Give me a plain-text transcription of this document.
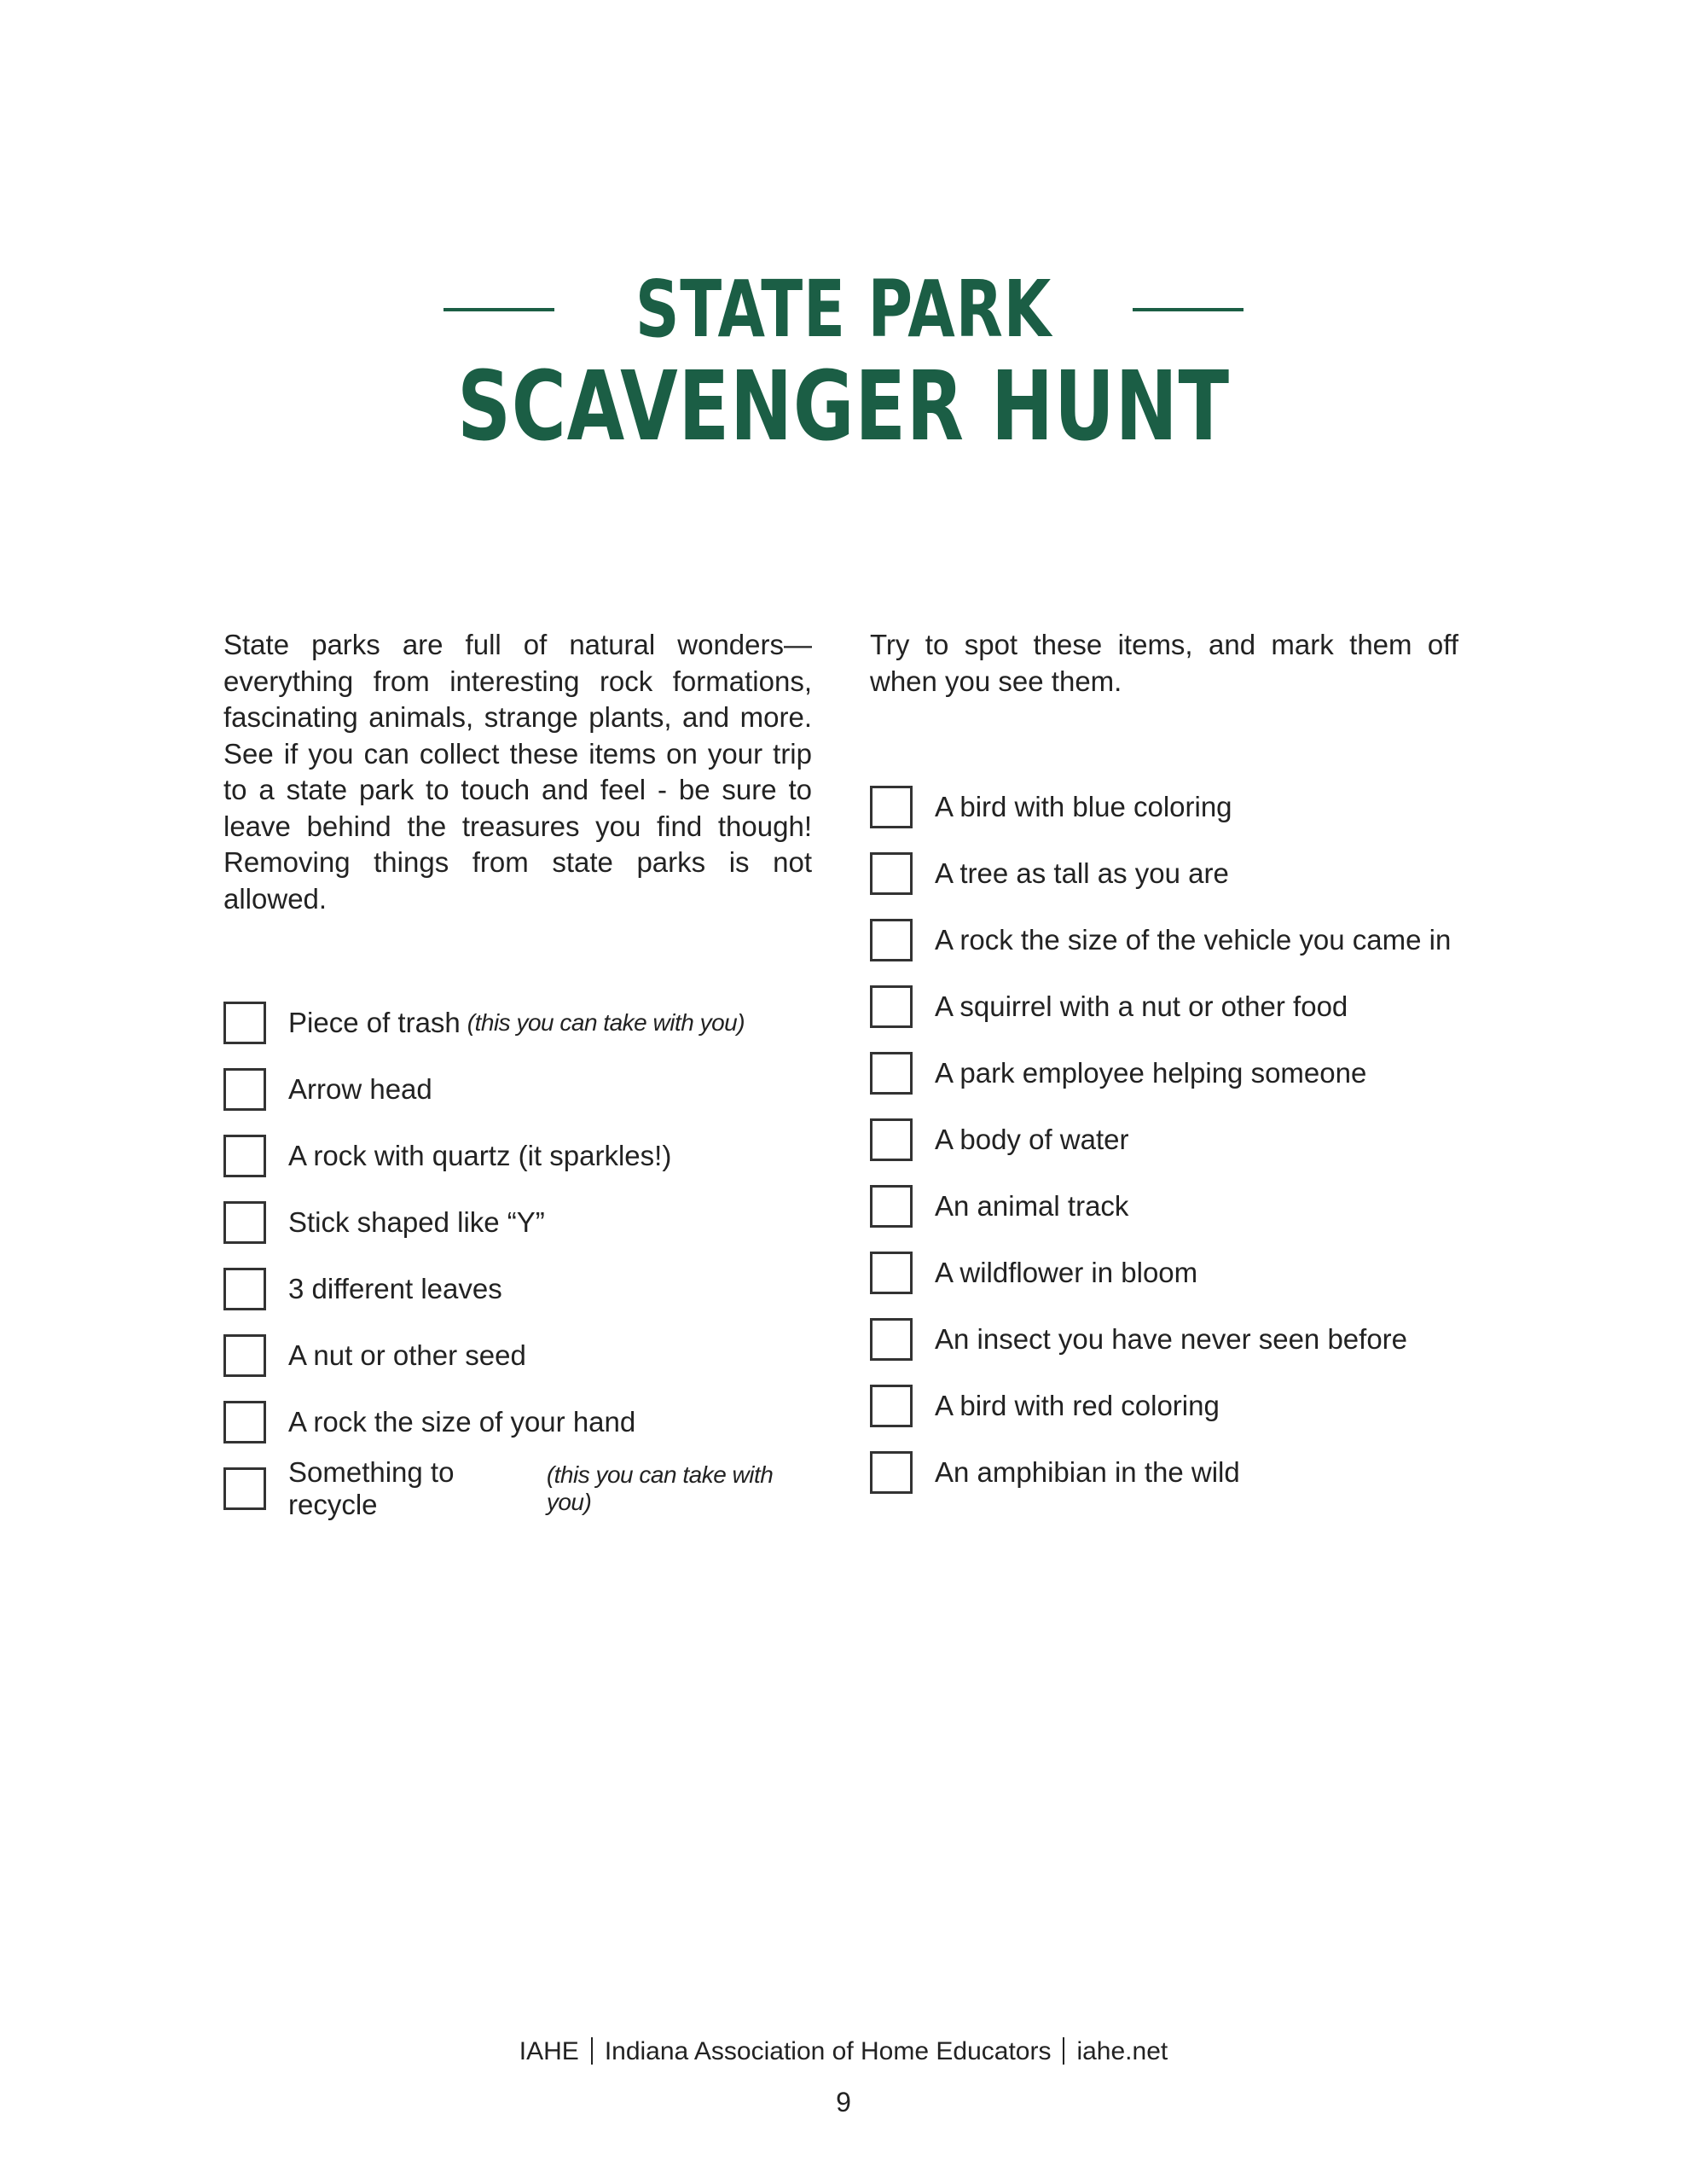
STATE PARK
SCAVENGER HUNT

State parks are full of natural wonders—everything from interesting rock formations, fascinating animals, strange plants, and more. See if you can collect these items on your trip to a state park to touch and feel - be sure to leave behind the treasures you find though! Removing things from state parks is not allowed.

Piece of trash (this you can take with you)
Arrow head
A rock with quartz (it sparkles!)
Stick shaped like “Y”
3 different leaves
A nut or other seed
A rock the size of your hand
Something to recycle
(this you can take with you)

Try to spot these items, and mark them off when you see them.

A bird with blue coloring
A tree as tall as you are
A rock the size of the vehicle you came in
A squirrel with a nut or other food
A park employee helping someone
A body of water
An animal track
A wildflower in bloom
An insect you have never seen before
A bird with red coloring
An amphibian in the wild
IAHE Indiana Association of Home Educators iahe.net
9
